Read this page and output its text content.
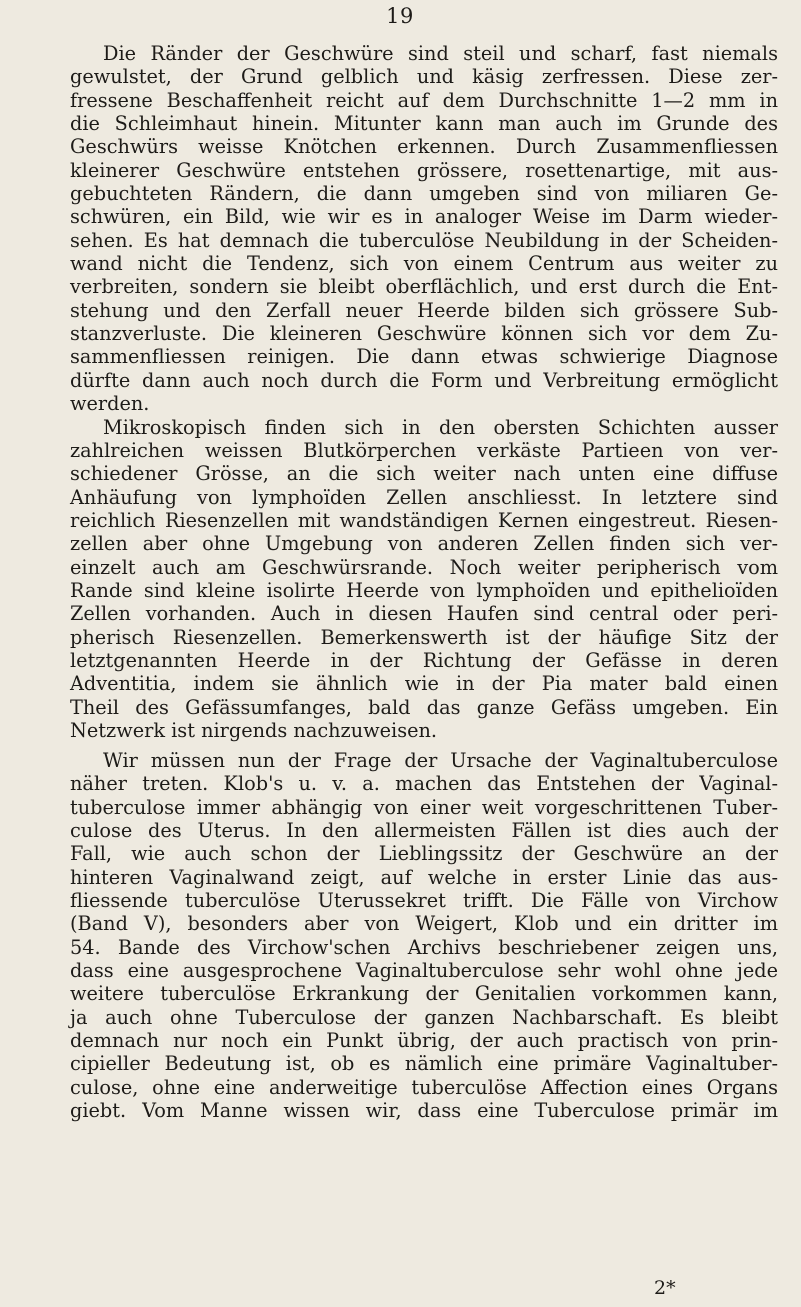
19
Die Ränder der Geschwüre sind steil und scharf, fast niemals
gewulstet, der Grund gelblich und käsig zerfressen. Diese zer-
fressene Beschaffenheit reicht auf dem Durchschnitte 1—2 mm in
die Schleimhaut hinein. Mitunter kann man auch im Grunde des
Geschwürs weisse Knötchen erkennen. Durch Zusammenfliessen
kleinerer Geschwüre entstehen grössere, rosettenartige, mit aus-
gebuchteten Rändern, die dann umgeben sind von miliaren Ge-
schwüren, ein Bild, wie wir es in analoger Weise im Darm wieder-
sehen. Es hat demnach die tuberculöse Neubildung in der Scheiden-
wand nicht die Tendenz, sich von einem Centrum aus weiter zu
verbreiten, sondern sie bleibt oberflächlich, und erst durch die Ent-
stehung und den Zerfall neuer Heerde bilden sich grössere Sub-
stanzverluste. Die kleineren Geschwüre können sich vor dem Zu-
sammenfliessen reinigen. Die dann etwas schwierige Diagnose
dürfte dann auch noch durch die Form und Verbreitung ermöglicht
werden.
Mikroskopisch finden sich in den obersten Schichten ausser
zahlreichen weissen Blutkörperchen verkäste Partieen von ver-
schiedener Grösse, an die sich weiter nach unten eine diffuse
Anhäufung von lymphoïden Zellen anschliesst. In letztere sind
reichlich Riesenzellen mit wandständigen Kernen eingestreut. Riesen-
zellen aber ohne Umgebung von anderen Zellen finden sich ver-
einzelt auch am Geschwürsrande. Noch weiter peripherisch vom
Rande sind kleine isolirte Heerde von lymphoïden und epithelioïden
Zellen vorhanden. Auch in diesen Haufen sind central oder peri-
pherisch Riesenzellen. Bemerkenswerth ist der häufige Sitz der
letztgenannten Heerde in der Richtung der Gefässe in deren
Adventitia, indem sie ähnlich wie in der Pia mater bald einen
Theil des Gefässumfanges, bald das ganze Gefäss umgeben. Ein
Netzwerk ist nirgends nachzuweisen.
Wir müssen nun der Frage der Ursache der Vaginaltuberculose
näher treten. Klob's u. v. a. machen das Entstehen der Vaginal-
tuberculose immer abhängig von einer weit vorgeschrittenen Tuber-
culose des Uterus. In den allermeisten Fällen ist dies auch der
Fall, wie auch schon der Lieblingssitz der Geschwüre an der
hinteren Vaginalwand zeigt, auf welche in erster Linie das aus-
fliessende tuberculöse Uterussekret trifft. Die Fälle von Virchow
(Band V), besonders aber von Weigert, Klob und ein dritter im
54. Bande des Virchow'schen Archivs beschriebener zeigen uns,
dass eine ausgesprochene Vaginaltuberculose sehr wohl ohne jede
weitere tuberculöse Erkrankung der Genitalien vorkommen kann,
ja auch ohne Tuberculose der ganzen Nachbarschaft. Es bleibt
demnach nur noch ein Punkt übrig, der auch practisch von prin-
cipieller Bedeutung ist, ob es nämlich eine primäre Vaginaltuber-
culose, ohne eine anderweitige tuberculöse Affection eines Organs
giebt. Vom Manne wissen wir, dass eine Tuberculose primär im
2*
